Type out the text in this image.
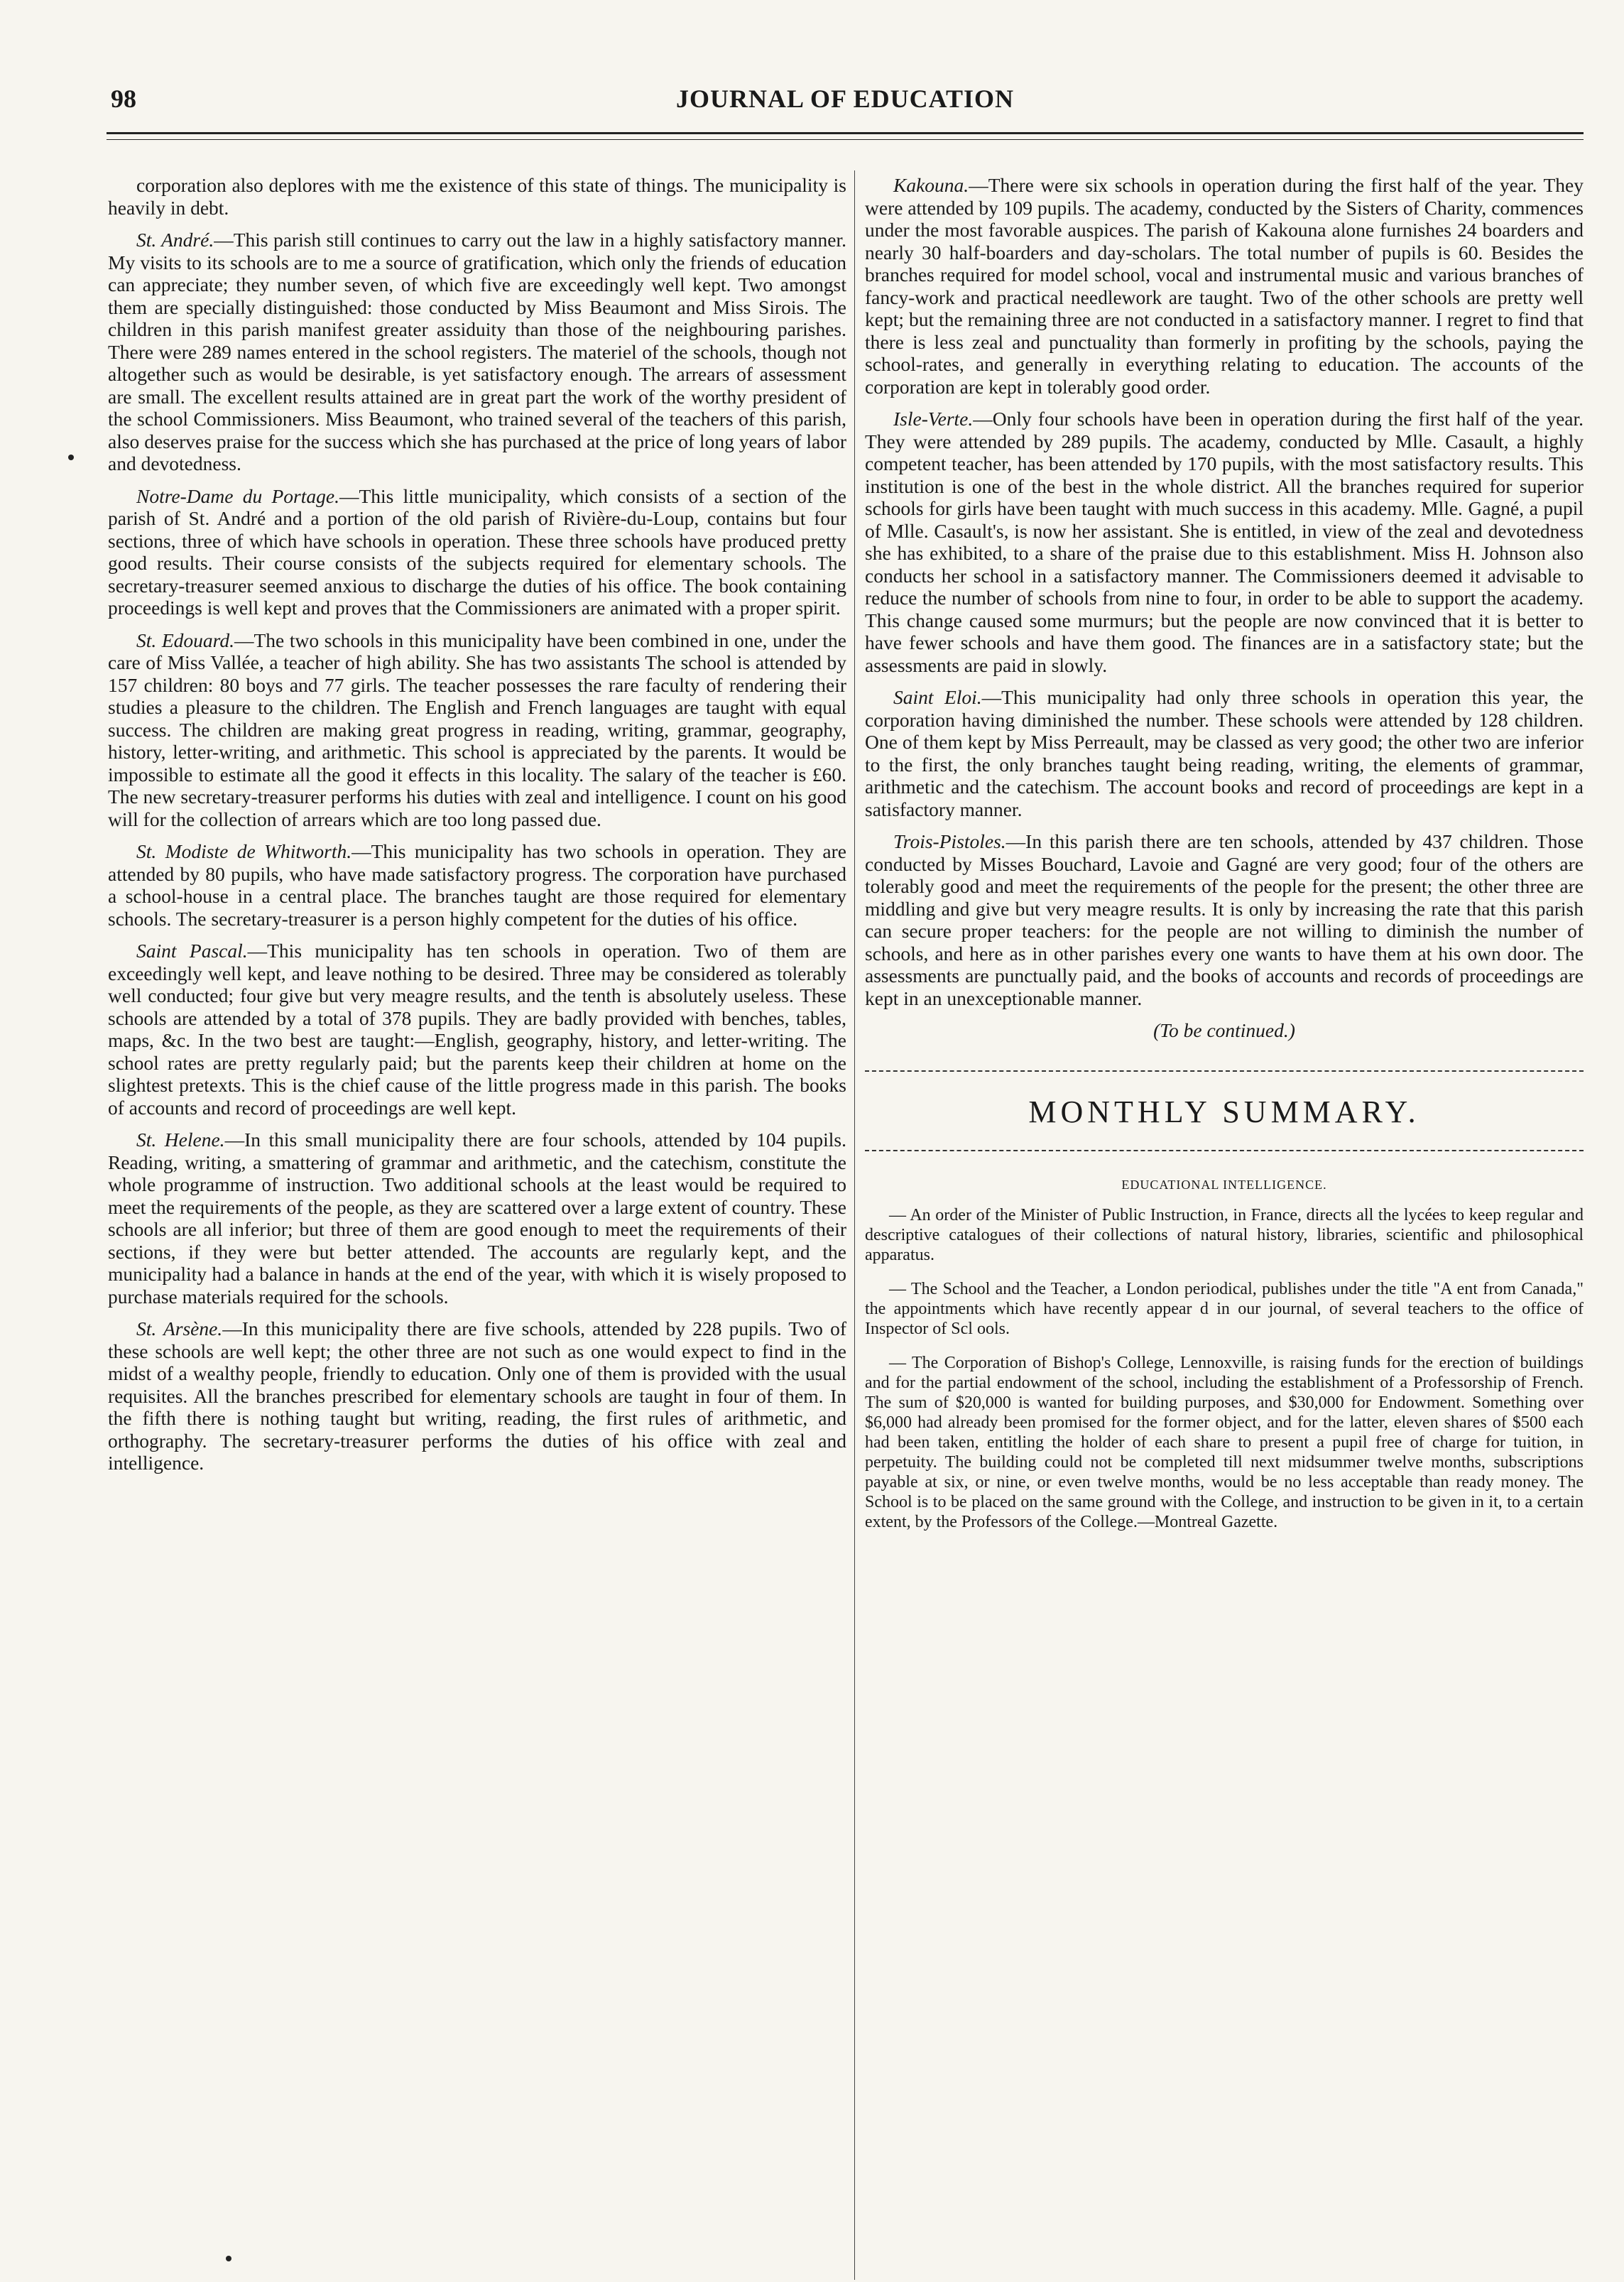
98	JOURNAL OF EDUCATION

corporation also deplores with me the existence of this state of things. The municipality is heavily in debt.

St. André.—This parish still continues to carry out the law in a highly satisfactory manner. My visits to its schools are to me a source of gratification, which only the friends of education can appreciate; they number seven, of which five are exceedingly well kept. Two amongst them are specially distinguished: those conducted by Miss Beaumont and Miss Sirois. The children in this parish manifest greater assiduity than those of the neighbouring parishes. There were 289 names entered in the school registers. The materiel of the schools, though not altogether such as would be desirable, is yet satisfactory enough. The arrears of assessment are small. The excellent results attained are in great part the work of the worthy president of the school Commissioners. Miss Beaumont, who trained several of the teachers of this parish, also deserves praise for the success which she has purchased at the price of long years of labor and devotedness.

Notre-Dame du Portage.—This little municipality, which consists of a section of the parish of St. André and a portion of the old parish of Rivière-du-Loup, contains but four sections, three of which have schools in operation. These three schools have produced pretty good results. Their course consists of the subjects required for elementary schools. The secretary-treasurer seemed anxious to discharge the duties of his office. The book containing proceedings is well kept and proves that the Commissioners are animated with a proper spirit.

St. Edouard.—The two schools in this municipality have been combined in one, under the care of Miss Vallée, a teacher of high ability. She has two assistants The school is attended by 157 children: 80 boys and 77 girls. The teacher possesses the rare faculty of rendering their studies a pleasure to the children. The English and French languages are taught with equal success. The children are making great progress in reading, writing, grammar, geography, history, letter-writing, and arithmetic. This school is appreciated by the parents. It would be impossible to estimate all the good it effects in this locality. The salary of the teacher is £60. The new secretary-treasurer performs his duties with zeal and intelligence. I count on his good will for the collection of arrears which are too long passed due.

St. Modiste de Whitworth.—This municipality has two schools in operation. They are attended by 80 pupils, who have made satisfactory progress. The corporation have purchased a school-house in a central place. The branches taught are those required for elementary schools. The secretary-treasurer is a person highly competent for the duties of his office.

Saint Pascal.—This municipality has ten schools in operation. Two of them are exceedingly well kept, and leave nothing to be desired. Three may be considered as tolerably well conducted; four give but very meagre results, and the tenth is absolutely useless. These schools are attended by a total of 378 pupils. They are badly provided with benches, tables, maps, &c. In the two best are taught:—English, geography, history, and letter-writing. The school rates are pretty regularly paid; but the parents keep their children at home on the slightest pretexts. This is the chief cause of the little progress made in this parish. The books of accounts and record of proceedings are well kept.

St. Helene.—In this small municipality there are four schools, attended by 104 pupils. Reading, writing, a smattering of grammar and arithmetic, and the catechism, constitute the whole programme of instruction. Two additional schools at the least would be required to meet the requirements of the people, as they are scattered over a large extent of country. These schools are all inferior; but three of them are good enough to meet the requirements of their sections, if they were but better attended. The accounts are regularly kept, and the municipality had a balance in hands at the end of the year, with which it is wisely proposed to purchase materials required for the schools.

St. Arsène.—In this municipality there are five schools, attended by 228 pupils. Two of these schools are well kept; the other three are not such as one would expect to find in the midst of a wealthy people, friendly to education. Only one of them is provided with the usual requisites. All the branches prescribed for elementary schools are taught in four of them. In the fifth there is nothing taught but writing, reading, the first rules of arithmetic, and orthography. The secretary-treasurer performs the duties of his office with zeal and intelligence.

Kakouna.—There were six schools in operation during the first half of the year. They were attended by 109 pupils. The academy, conducted by the Sisters of Charity, commences under the most favorable auspices. The parish of Kakouna alone furnishes 24 boarders and nearly 30 half-boarders and day-scholars. The total number of pupils is 60. Besides the branches required for model school, vocal and instrumental music and various branches of fancy-work and practical needlework are taught. Two of the other schools are pretty well kept; but the remaining three are not conducted in a satisfactory manner. I regret to find that there is less zeal and punctuality than formerly in profiting by the schools, paying the school-rates, and generally in everything relating to education. The accounts of the corporation are kept in tolerably good order.

Isle-Verte.—Only four schools have been in operation during the first half of the year. They were attended by 289 pupils. The academy, conducted by Mlle. Casault, a highly competent teacher, has been attended by 170 pupils, with the most satisfactory results. This institution is one of the best in the whole district. All the branches required for superior schools for girls have been taught with much success in this academy. Mlle. Gagné, a pupil of Mlle. Casault's, is now her assistant. She is entitled, in view of the zeal and devotedness she has exhibited, to a share of the praise due to this establishment. Miss H. Johnson also conducts her school in a satisfactory manner. The Commissioners deemed it advisable to reduce the number of schools from nine to four, in order to be able to support the academy. This change caused some murmurs; but the people are now convinced that it is better to have fewer schools and have them good. The finances are in a satisfactory state; but the assessments are paid in slowly.

Saint Eloi.—This municipality had only three schools in operation this year, the corporation having diminished the number. These schools were attended by 128 children. One of them kept by Miss Perreault, may be classed as very good; the other two are inferior to the first, the only branches taught being reading, writing, the elements of grammar, arithmetic and the catechism. The account books and record of proceedings are kept in a satisfactory manner.

Trois-Pistoles.—In this parish there are ten schools, attended by 437 children. Those conducted by Misses Bouchard, Lavoie and Gagné are very good; four of the others are tolerably good and meet the requirements of the people for the present; the other three are middling and give but very meagre results. It is only by increasing the rate that this parish can secure proper teachers: for the people are not willing to diminish the number of schools, and here as in other parishes every one wants to have them at his own door. The assessments are punctually paid, and the books of accounts and records of proceedings are kept in an unexceptionable manner.

(To be continued.)
MONTHLY SUMMARY.
EDUCATIONAL INTELLIGENCE.

— An order of the Minister of Public Instruction, in France, directs all the lycées to keep regular and descriptive catalogues of their collections of natural history, libraries, scientific and philosophical apparatus.

— The School and the Teacher, a London periodical, publishes under the title "A ent from Canada," the appointments which have recently appear d in our journal, of several teachers to the office of Inspector of Scl ools.

— The Corporation of Bishop's College, Lennoxville, is raising funds for the erection of buildings and for the partial endowment of the school, including the establishment of a Professorship of French. The sum of $20,000 is wanted for building purposes, and $30,000 for Endowment. Something over $6,000 had already been promised for the former object, and for the latter, eleven shares of $500 each had been taken, entitling the holder of each share to present a pupil free of charge for tuition, in perpetuity. The building could not be completed till next midsummer twelve months, subscriptions payable at six, or nine, or even twelve months, would be no less acceptable than ready money. The School is to be placed on the same ground with the College, and instruction to be given in it, to a certain extent, by the Professors of the College.—Montreal Gazette.
